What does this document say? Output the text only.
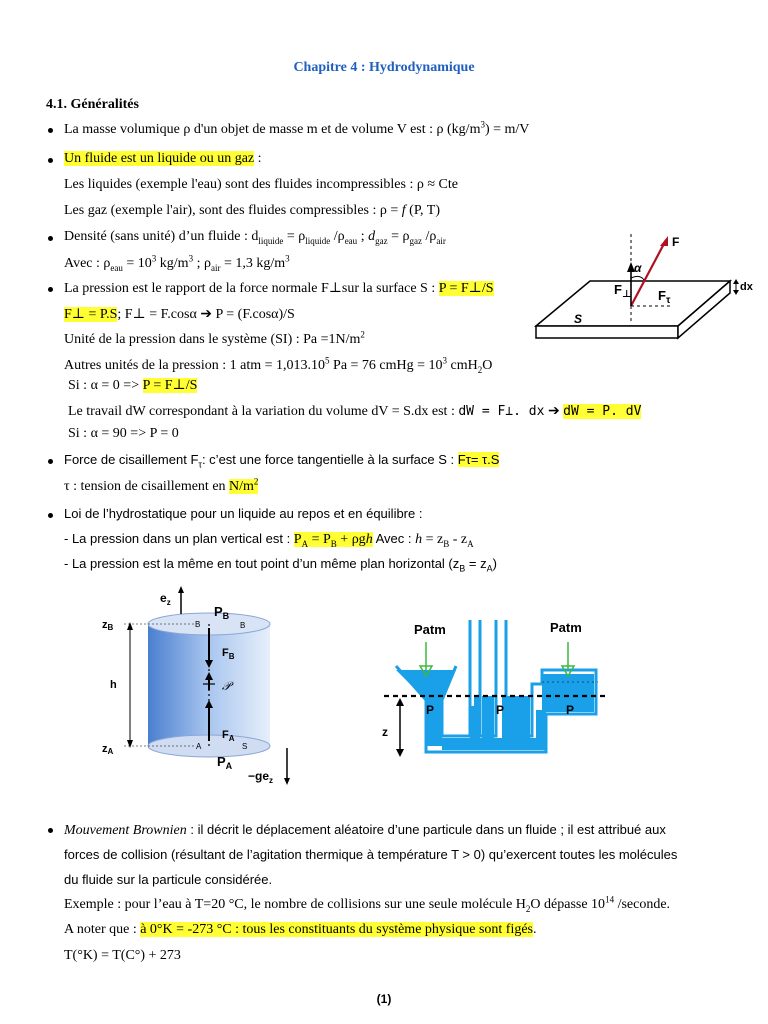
Chapitre 4 : Hydrodynamique
4.1. Généralités
La masse volumique ρ d'un objet de masse m et de volume V est : ρ $(kg/m^3) = m/V$
Un fluide est un liquide ou un gaz :
Les liquides (exemple l'eau) sont des fluides incompressibles : ρ ≈ Cte
Les gaz (exemple l'air), sont des fluides compressibles : ρ = f (P, T)
Densité (sans unité) d’un fluide : $d_{liquide} = \rho_{liquide}$ $/\rho_{eau}$ ; $d_{gaz} = \rho_{gaz}$ $/\rho_{air}$
Avec : $\rho_{eau} = 10^3$ $kg/m^3$ ; $\rho_{air} = 1,3$ $kg/m^3$
La pression est le rapport de la force normale F⊥sur la surface S : P = F⊥/S
F⊥ = P.S; F⊥ = F.cosα ➔ P = (F.cosα)/S
Unité de la pression dans le système (SI) : $Pa =1N/m^2$
Autres unités de la pression : 1 atm = $1,013.10^5$ Pa = 76 cmHg = $10^3$ cmH$_2$O
Si : α = 0 => P = F⊥/S
Le travail dW correspondant à la variation du volume dV = S.dx est : dW = F⊥. dx ➔ dW = P. dV
Si : α = 90 => P = 0
Force de cisaillement $F_\tau$: c’est une force tangentielle à la surface S : Fτ= τ.S
τ : tension de cisaillement en $N/m^2$
Loi de l’hydrostatique pour un liquide au repos et en équilibre :
- La pression dans un plan vertical est : $P_A = P_B + \rho gh$ Avec : $h = z_B - z_A$
- La pression est la même en tout point d’un même plan horizontal $(z_B = z_A)$
Mouvement Brownien : il décrit le déplacement aléatoire d’une particule dans un fluide ; il est attribué aux
forces de collision (résultant de l’agitation thermique à température T > 0) qu’exercent toutes les molécules
du fluide sur la particule considérée.
Exemple : pour l’eau à T=20 °C, le nombre de collisions sur une seule molécule $H_2O$ dépasse $10^{14}$ /seconde.
A noter que : à 0°K = -273 °C : tous les constituants du système physique sont figés.
T(°K) = T(C°) + 273
(1)
F
α
$F_\perp$ $F_\tau$
S
dx
$e_z$
$P_B$
zB	B	B
$F_B$
h	𝒫
$F_A$
zA
A	S
$P_A$
$-ge_z$
Patm	Patm
P	P	P
z
